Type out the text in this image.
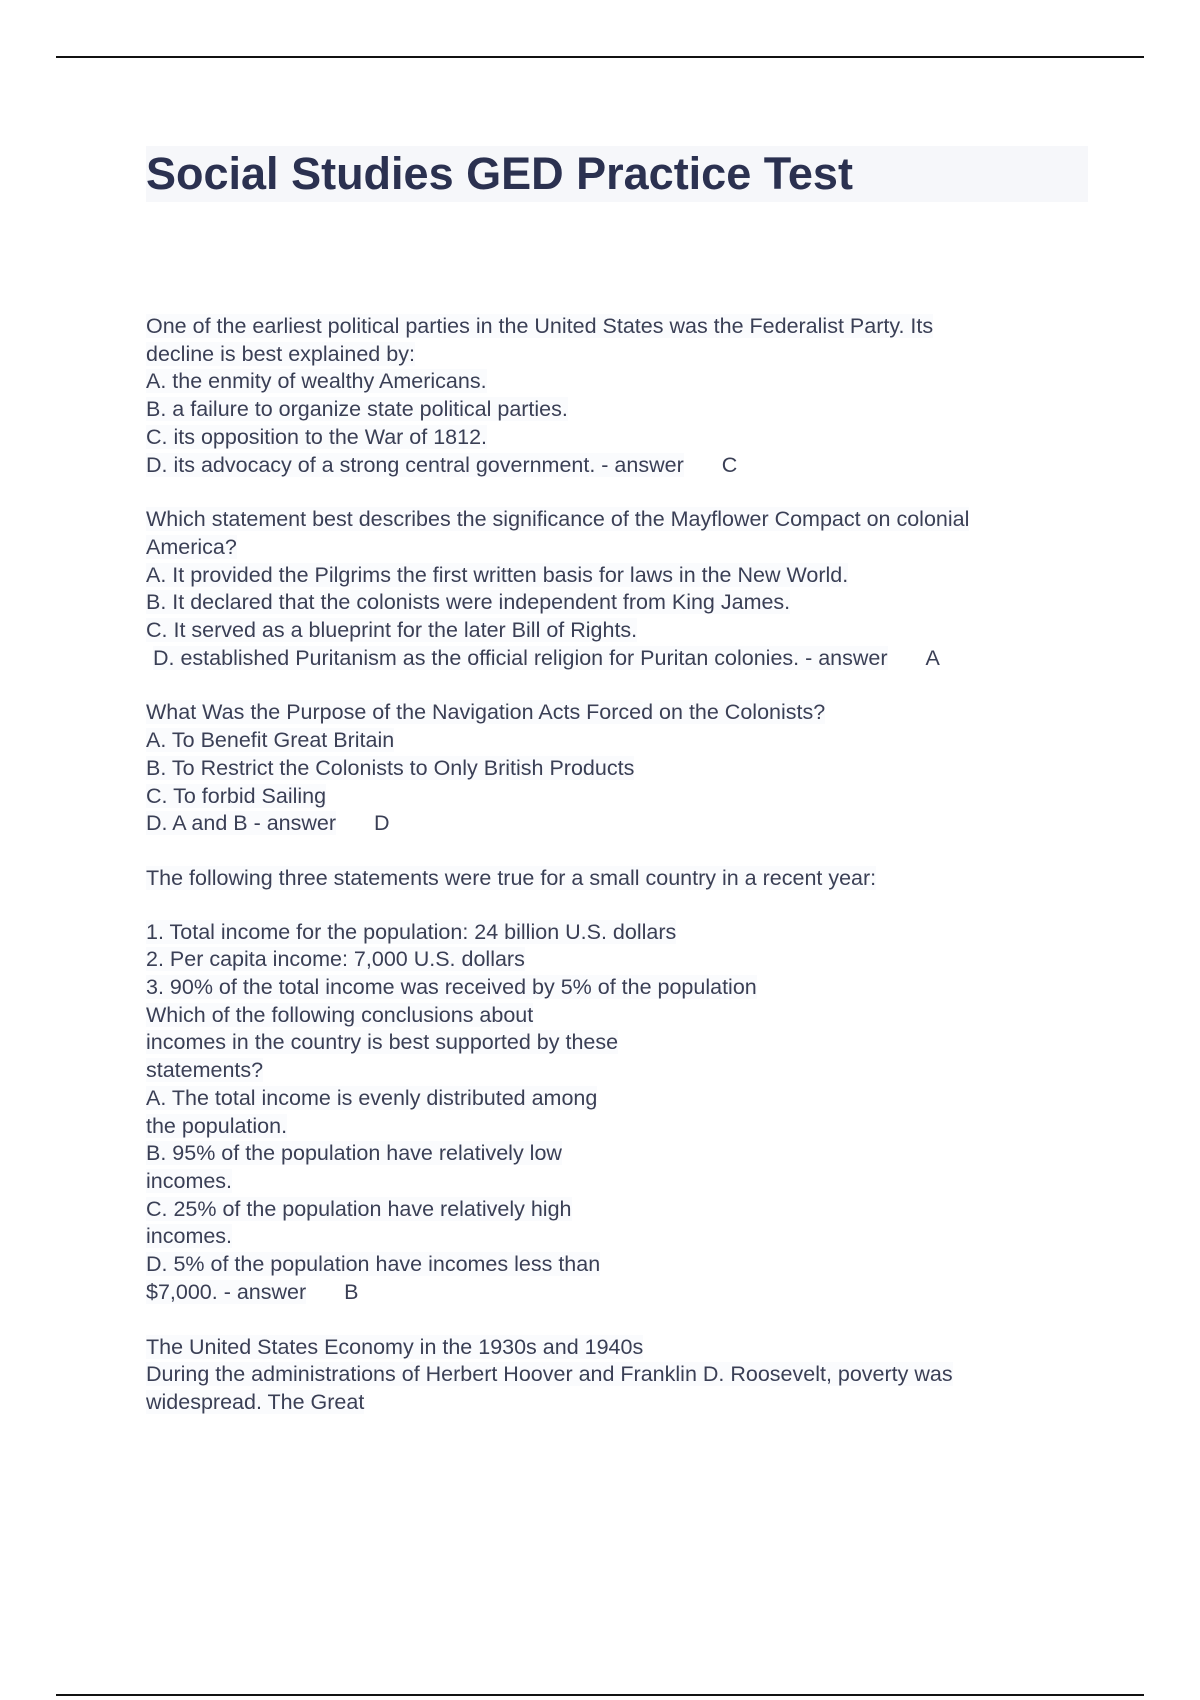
Social Studies GED Practice Test
One of the earliest political parties in the United States was the Federalist Party. Its
decline is best explained by:
A. the enmity of wealthy Americans.
B. a failure to organize state political parties.
C. its opposition to the War of 1812.
D. its advocacy of a strong central government. - answer C
Which statement best describes the significance of the Mayflower Compact on colonial
America?
A. It provided the Pilgrims the first written basis for laws in the New World.
B. It declared that the colonists were independent from King James.
C. It served as a blueprint for the later Bill of Rights.
D. established Puritanism as the official religion for Puritan colonies. - answer A
What Was the Purpose of the Navigation Acts Forced on the Colonists?
A. To Benefit Great Britain
B. To Restrict the Colonists to Only British Products
C. To forbid Sailing
D. A and B - answer D
The following three statements were true for a small country in a recent year:
1. Total income for the population: 24 billion U.S. dollars
2. Per capita income: 7,000 U.S. dollars
3. 90% of the total income was received by 5% of the population
Which of the following conclusions about
incomes in the country is best supported by these
statements?
A. The total income is evenly distributed among
the population.
B. 95% of the population have relatively low
incomes.
C. 25% of the population have relatively high
incomes.
D. 5% of the population have incomes less than
$7,000. - answer B
The United States Economy in the 1930s and 1940s
During the administrations of Herbert Hoover and Franklin D. Roosevelt, poverty was
widespread. The Great
